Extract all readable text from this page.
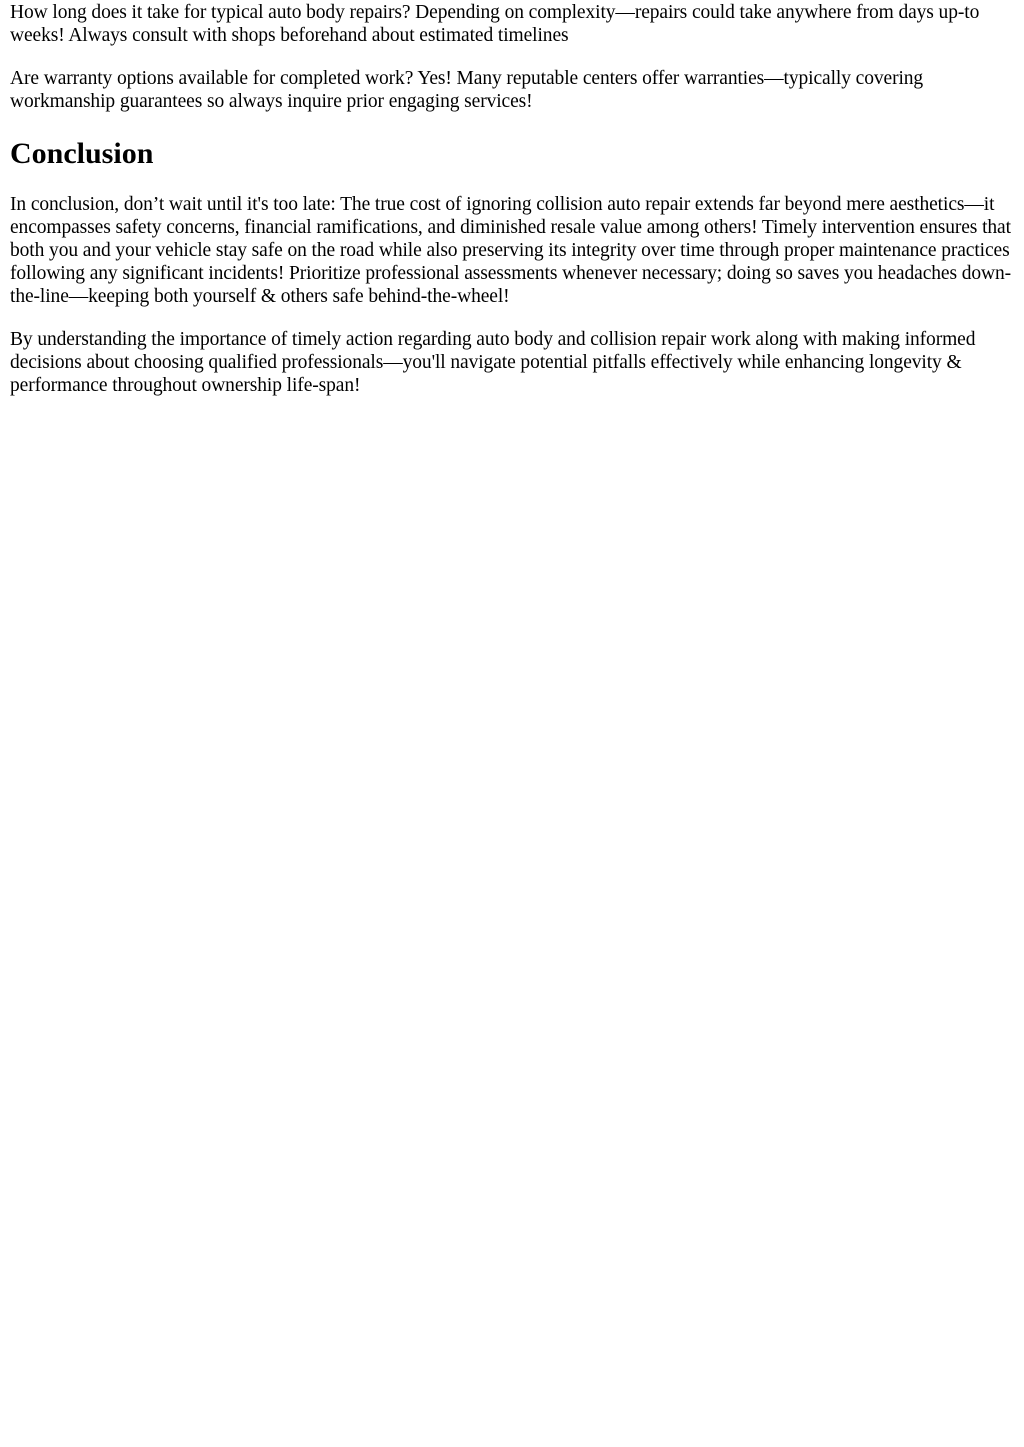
How long does it take for typical auto body repairs? Depending on complexity—repairs could take anywhere from days up-to weeks! Always consult with shops beforehand about estimated timelines

Are warranty options available for completed work? Yes! Many reputable centers offer warranties—typically covering workmanship guarantees so always inquire prior engaging services!

Conclusion

In conclusion, don’t wait until it's too late: The true cost of ignoring collision auto repair extends far beyond mere aesthetics—it encompasses safety concerns, financial ramifications, and diminished resale value among others! Timely intervention ensures that both you and your vehicle stay safe on the road while also preserving its integrity over time through proper maintenance practices following any significant incidents! Prioritize professional assessments whenever necessary; doing so saves you headaches down-the-line—keeping both yourself & others safe behind-the-wheel!

By understanding the importance of timely action regarding auto body and collision repair work along with making informed decisions about choosing qualified professionals—you'll navigate potential pitfalls effectively while enhancing longevity & performance throughout ownership life-span!
